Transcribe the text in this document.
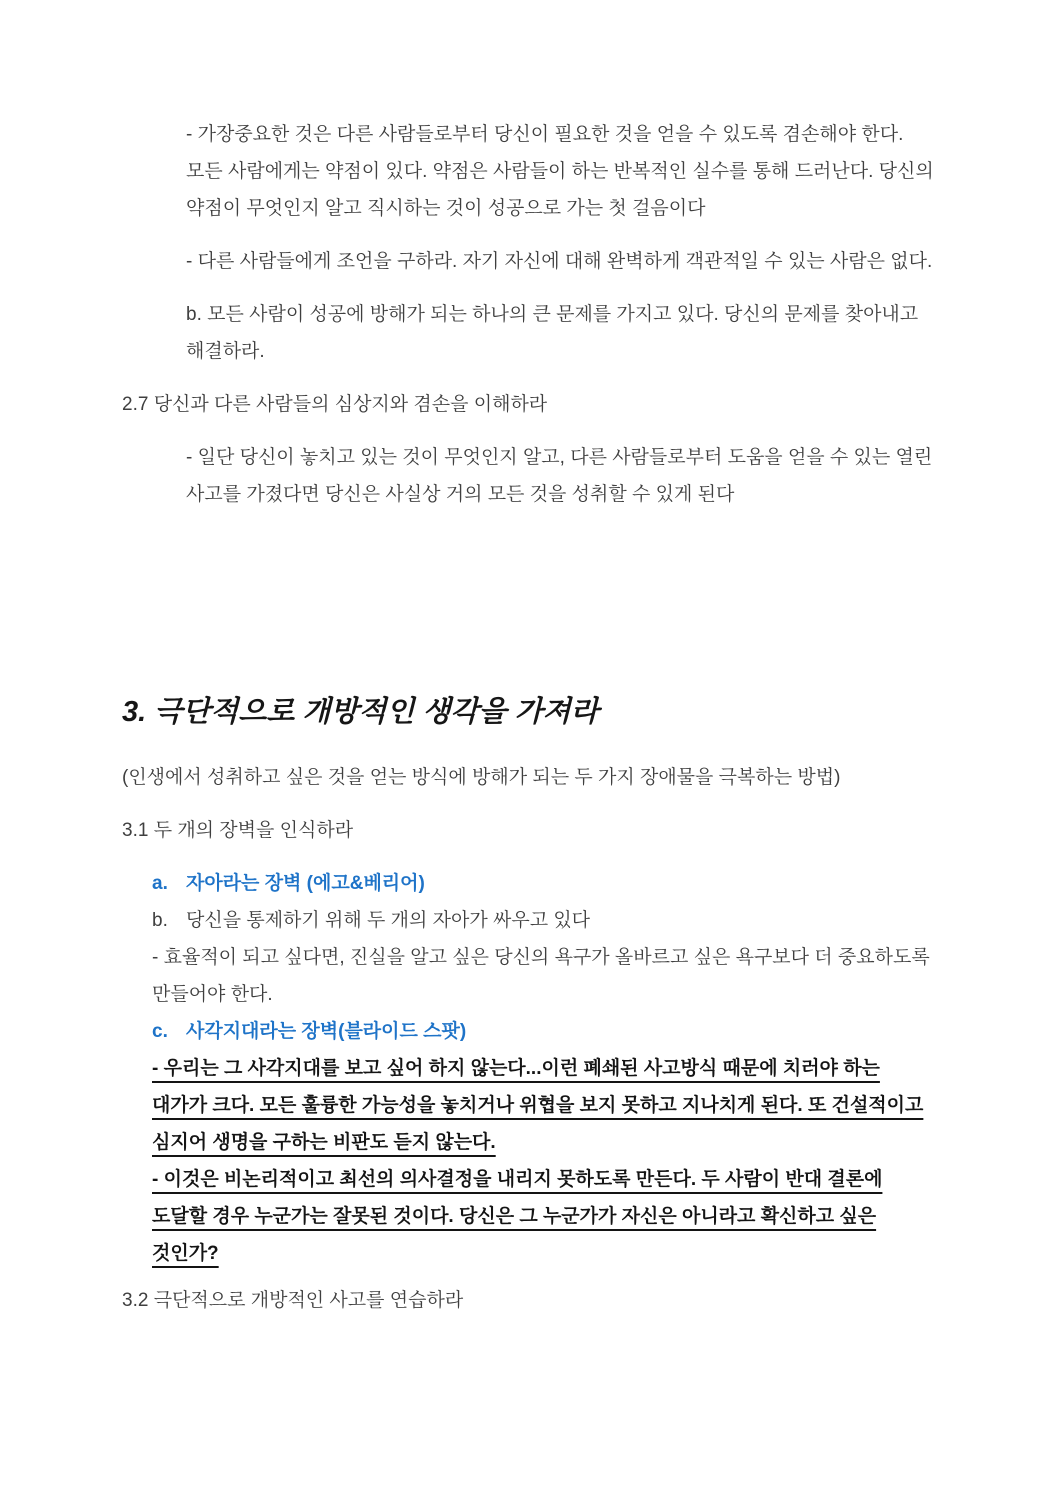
- 가장중요한 것은 다른 사람들로부터 당신이 필요한 것을 얻을 수 있도록 겸손해야 한다. 모든 사람에게는 약점이 있다. 약점은 사람들이 하는 반복적인 실수를 통해 드러난다. 당신의 약점이 무엇인지 알고 직시하는 것이 성공으로 가는 첫 걸음이다

- 다른 사람들에게 조언을 구하라. 자기 자신에 대해 완벽하게 객관적일 수 있는 사람은 없다.

b. 모든 사람이 성공에 방해가 되는 하나의 큰 문제를 가지고 있다. 당신의 문제를 찾아내고 해결하라.

2.7 당신과 다른 사람들의 심상지와 겸손을 이해하라

- 일단 당신이 놓치고 있는 것이 무엇인지 알고, 다른 사람들로부터 도움을 얻을 수 있는 열린 사고를 가졌다면 당신은 사실상 거의 모든 것을 성취할 수 있게 된다

3. 극단적으로 개방적인 생각을 가져라

(인생에서 성취하고 싶은 것을 얻는 방식에 방해가 되는 두 가지 장애물을 극복하는 방법)

3.1 두 개의 장벽을 인식하라

a. 자아라는 장벽 (에고&베리어)

b. 당신을 통제하기 위해 두 개의 자아가 싸우고 있다

- 효율적이 되고 싶다면, 진실을 알고 싶은 당신의 욕구가 올바르고 싶은 욕구보다 더 중요하도록 만들어야 한다.

c. 사각지대라는 장벽(블라이드 스팟)

- 우리는 그 사각지대를 보고 싶어 하지 않는다...이런 폐쇄된 사고방식 때문에 치러야 하는 대가가 크다. 모든 훌륭한 가능성을 놓치거나 위협을 보지 못하고 지나치게 된다. 또 건설적이고 심지어 생명을 구하는 비판도 듣지 않는다.

- 이것은 비논리적이고 최선의 의사결정을 내리지 못하도록 만든다. 두 사람이 반대 결론에 도달할 경우 누군가는 잘못된 것이다. 당신은 그 누군가가 자신은 아니라고 확신하고 싶은 것인가?

3.2 극단적으로 개방적인 사고를 연습하라
